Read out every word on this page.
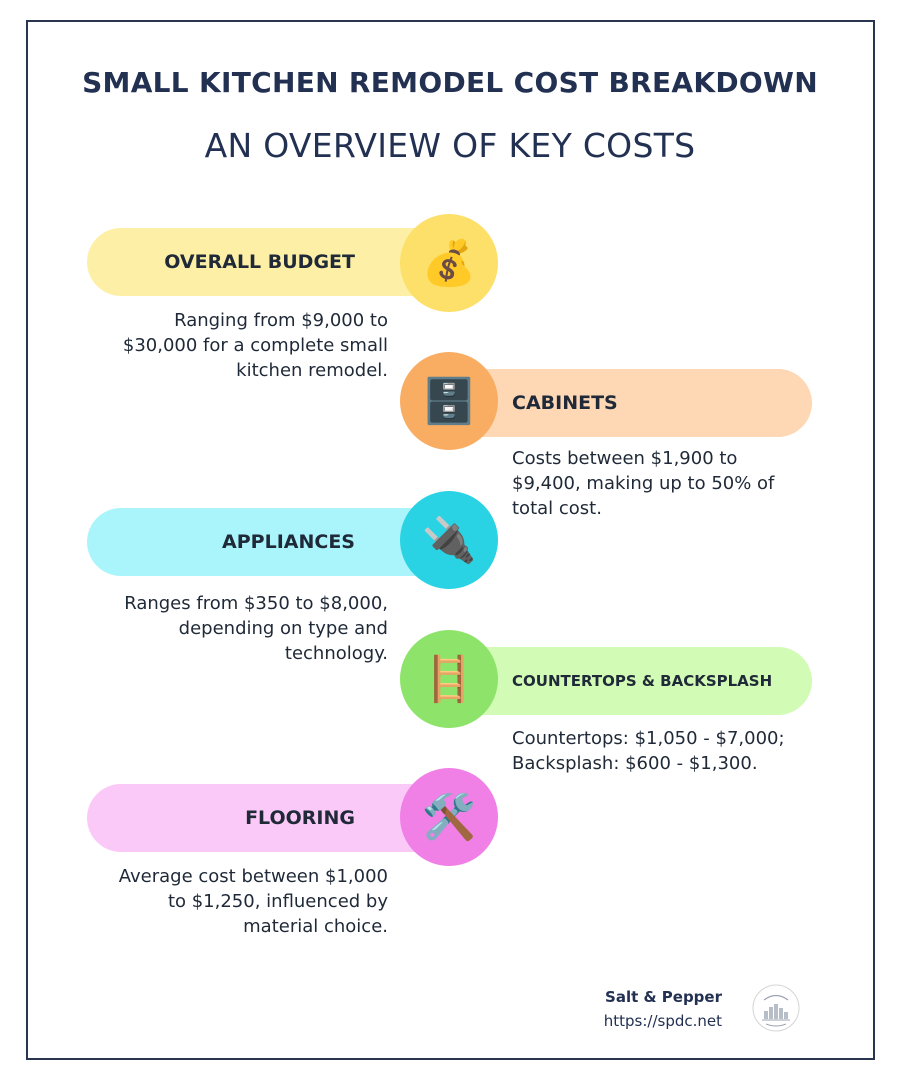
SMALL KITCHEN REMODEL COST BREAKDOWN
AN OVERVIEW OF KEY COSTS
OVERALL BUDGET	💰
Ranging from $9,000 to $30,000 for a complete small kitchen remodel.
CABINETS
🗄️
Costs between $1,900 to $9,400, making up to 50% of total cost.
APPLIANCES	🔌
Ranges from $350 to $8,000, depending on type and technology.
COUNTERTOPS & BACKSPLASH
🪜
Countertops: $1,050 - $7,000; Backsplash: $600 - $1,300.
FLOORING	🛠️
Average cost between $1,000 to $1,250, influenced by material choice.
Salt & Pepper
https://spdc.net
